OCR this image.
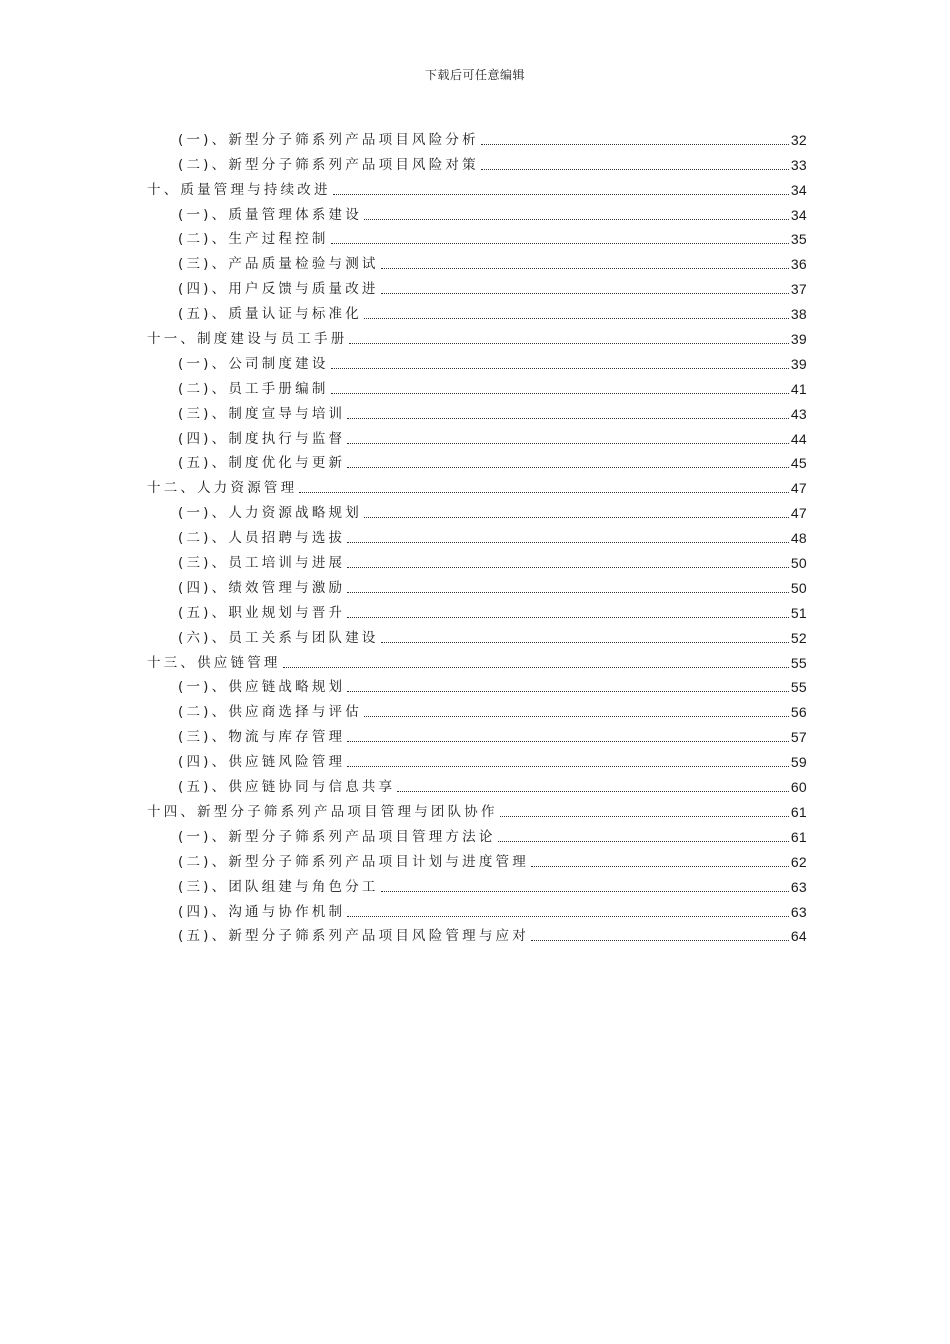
下载后可任意编辑
(一)、新型分子筛系列产品项目风险分析	32
(二)、新型分子筛系列产品项目风险对策	33
十、质量管理与持续改进	34
(一)、质量管理体系建设	34
(二)、生产过程控制	35
(三)、产品质量检验与测试	36
(四)、用户反馈与质量改进	37
(五)、质量认证与标准化	38
十一、制度建设与员工手册	39
(一)、公司制度建设	39
(二)、员工手册编制	41
(三)、制度宣导与培训	43
(四)、制度执行与监督	44
(五)、制度优化与更新	45
十二、人力资源管理	47
(一)、人力资源战略规划	47
(二)、人员招聘与选拔	48
(三)、员工培训与进展	50
(四)、绩效管理与激励	50
(五)、职业规划与晋升	51
(六)、员工关系与团队建设	52
十三、供应链管理	55
(一)、供应链战略规划	55
(二)、供应商选择与评估	56
(三)、物流与库存管理	57
(四)、供应链风险管理	59
(五)、供应链协同与信息共享	60
十四、新型分子筛系列产品项目管理与团队协作	61
(一)、新型分子筛系列产品项目管理方法论	61
(二)、新型分子筛系列产品项目计划与进度管理	62
(三)、团队组建与角色分工	63
(四)、沟通与协作机制	63
(五)、新型分子筛系列产品项目风险管理与应对	64
